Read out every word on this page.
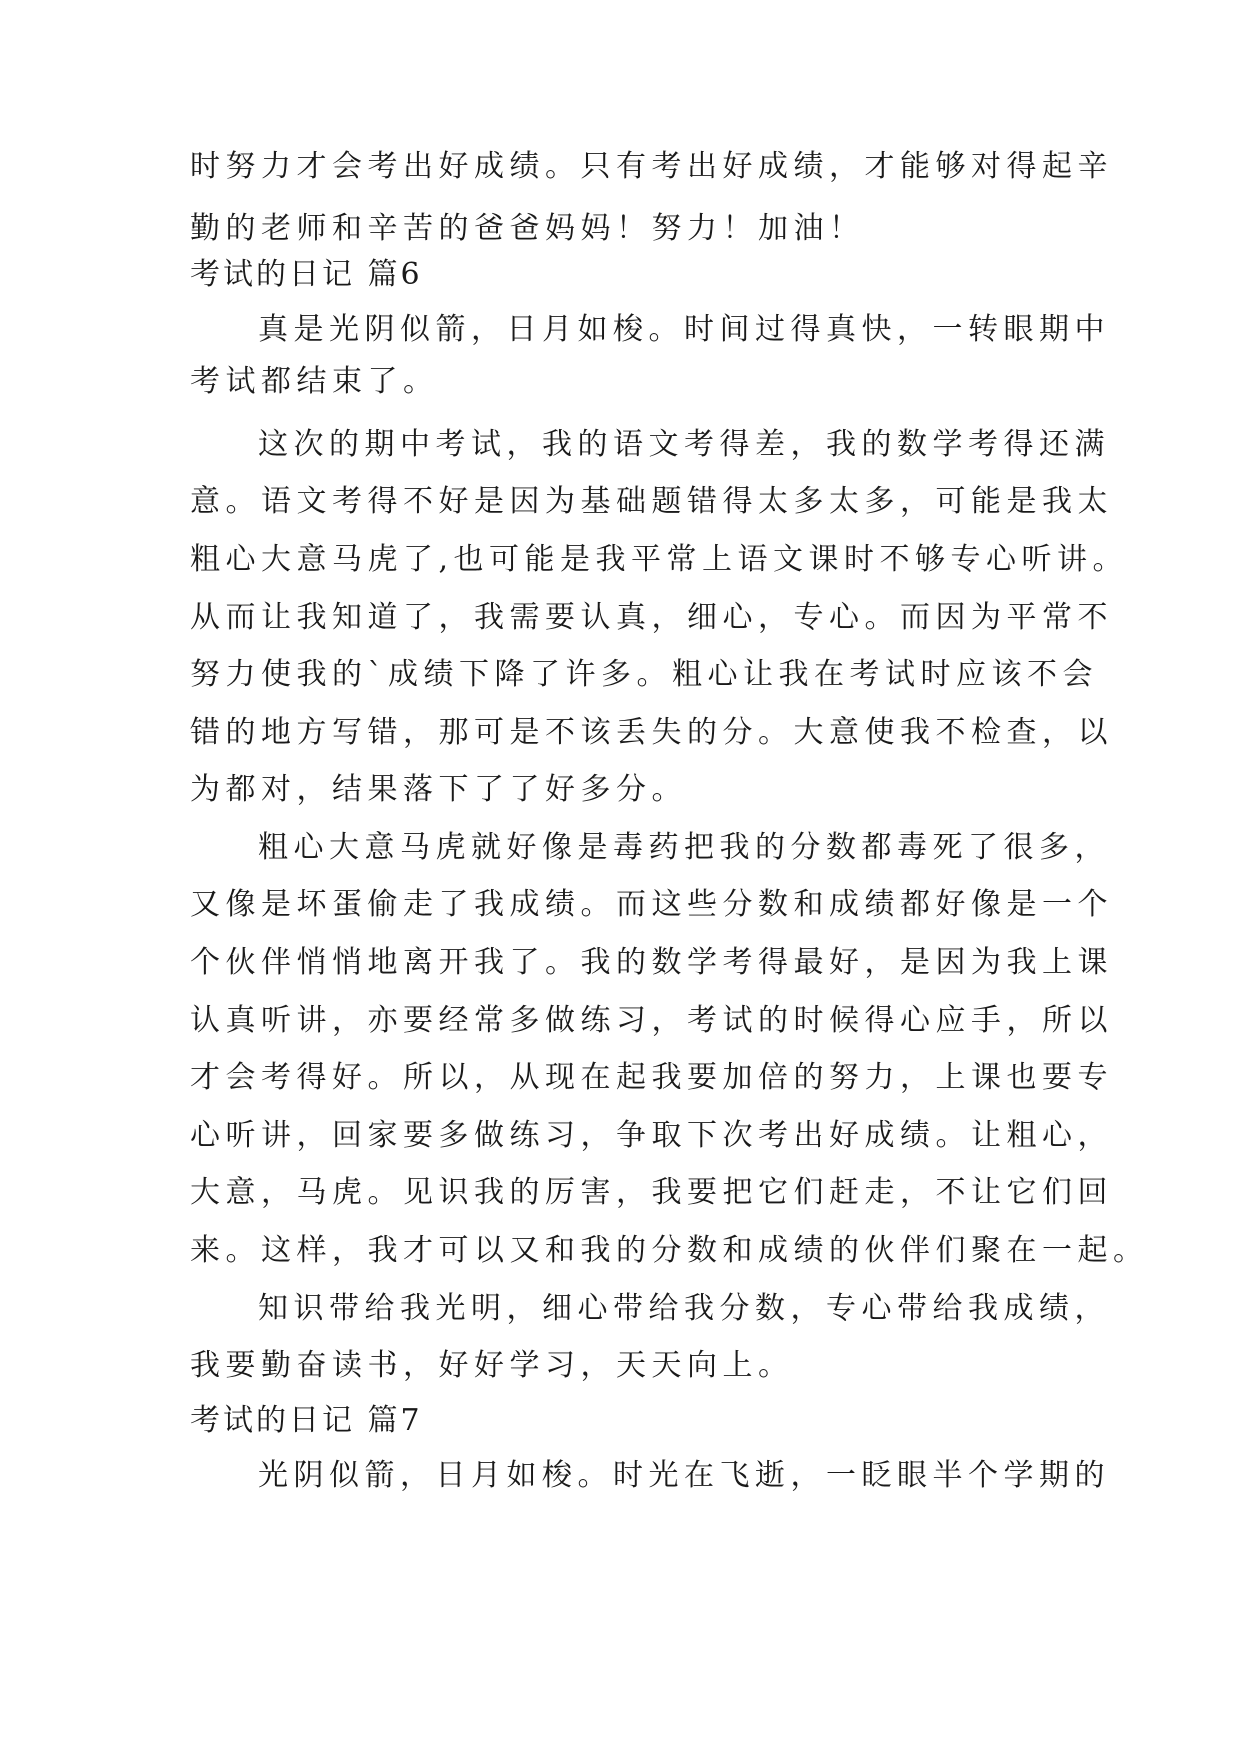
时努力才会考出好成绩。只有考出好成绩，才能够对得起辛

勤的老师和辛苦的爸爸妈妈！努力！加油！

考试的日记 篇6

真是光阴似箭，日月如梭。时间过得真快，一转眼期中

考试都结束了。

这次的期中考试，我的语文考得差，我的数学考得还满

意。语文考得不好是因为基础题错得太多太多，可能是我太

粗心大意马虎了,也可能是我平常上语文课时不够专心听讲。

从而让我知道了，我需要认真，细心，专心。而因为平常不

努力使我的`成绩下降了许多。粗心让我在考试时应该不会

错的地方写错，那可是不该丢失的分。大意使我不检查，以

为都对，结果落下了了好多分。

粗心大意马虎就好像是毒药把我的分数都毒死了很多，

又像是坏蛋偷走了我成绩。而这些分数和成绩都好像是一个

个伙伴悄悄地离开我了。我的数学考得最好，是因为我上课

认真听讲，亦要经常多做练习，考试的时候得心应手，所以

才会考得好。所以，从现在起我要加倍的努力，上课也要专

心听讲，回家要多做练习，争取下次考出好成绩。让粗心，

大意，马虎。见识我的厉害，我要把它们赶走，不让它们回

来。这样，我才可以又和我的分数和成绩的伙伴们聚在一起。

知识带给我光明，细心带给我分数，专心带给我成绩，

我要勤奋读书，好好学习，天天向上。

考试的日记 篇7

光阴似箭，日月如梭。时光在飞逝，一眨眼半个学期的
